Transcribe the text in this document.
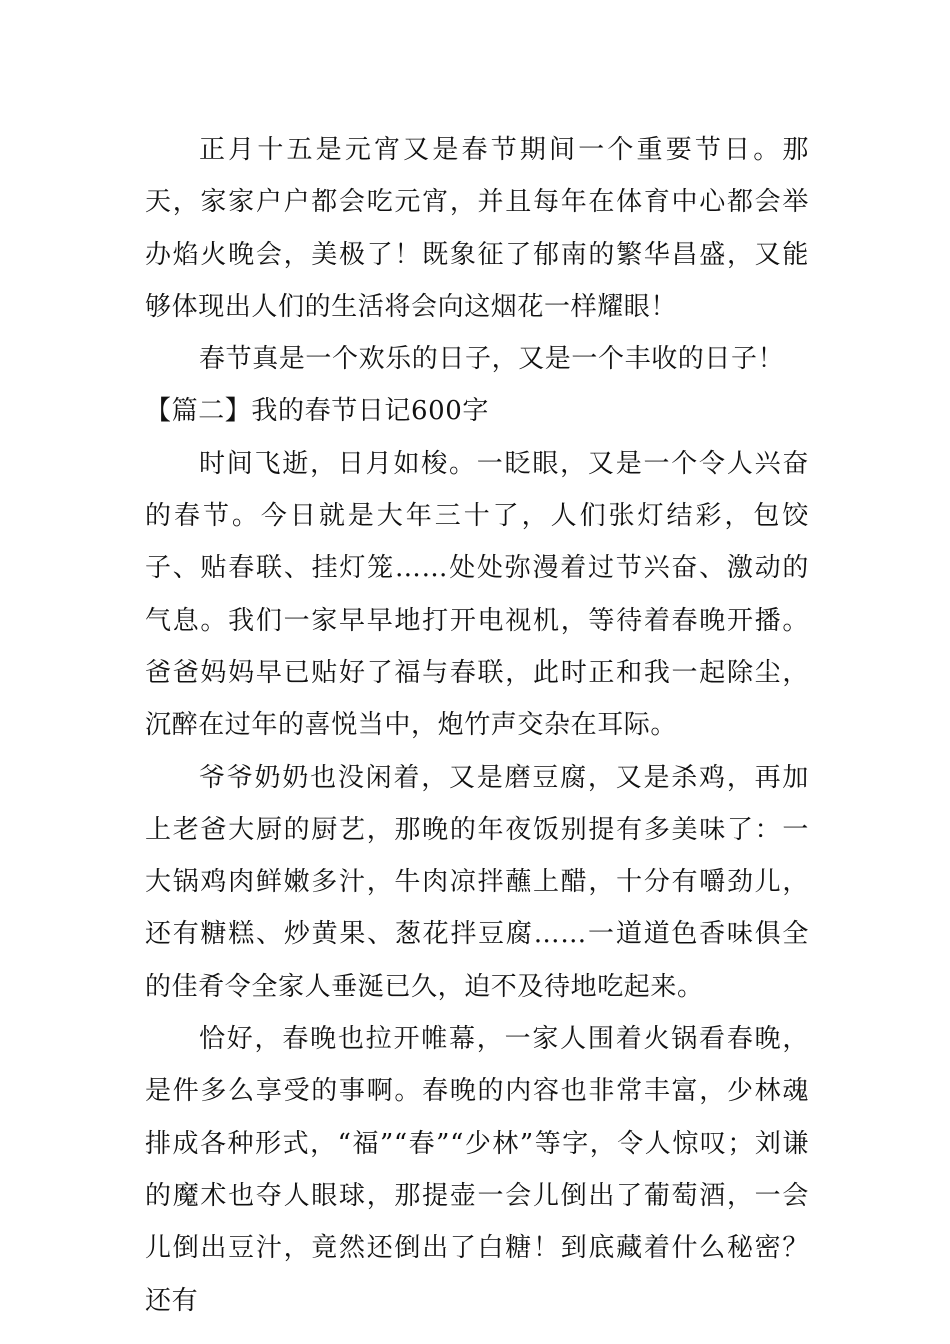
正月十五是元宵又是春节期间一个重要节日。那天，家家户户都会吃元宵，并且每年在体育中心都会举办焰火晚会，美极了！既象征了郁南的繁华昌盛，又能够体现出人们的生活将会向这烟花一样耀眼！

春节真是一个欢乐的日子，又是一个丰收的日子！

【篇二】我的春节日记600字

时间飞逝，日月如梭。一眨眼，又是一个令人兴奋的春节。今日就是大年三十了，人们张灯结彩，包饺子、贴春联、挂灯笼……处处弥漫着过节兴奋、激动的气息。我们一家早早地打开电视机，等待着春晚开播。爸爸妈妈早已贴好了福与春联，此时正和我一起除尘，沉醉在过年的喜悦当中，炮竹声交杂在耳际。

爷爷奶奶也没闲着，又是磨豆腐，又是杀鸡，再加上老爸大厨的厨艺，那晚的年夜饭别提有多美味了：一大锅鸡肉鲜嫩多汁，牛肉凉拌蘸上醋，十分有嚼劲儿，还有糖糕、炒黄果、葱花拌豆腐……一道道色香味俱全的佳肴令全家人垂涎已久，迫不及待地吃起来。

恰好，春晚也拉开帷幕，一家人围着火锅看春晚，是件多么享受的事啊。春晚的内容也非常丰富，少林魂排成各种形式，“福”“春”“少林”等字，令人惊叹；刘谦的魔术也夺人眼球，那提壶一会儿倒出了葡萄酒，一会儿倒出豆汁，竟然还倒出了白糖！到底藏着什么秘密？还有
